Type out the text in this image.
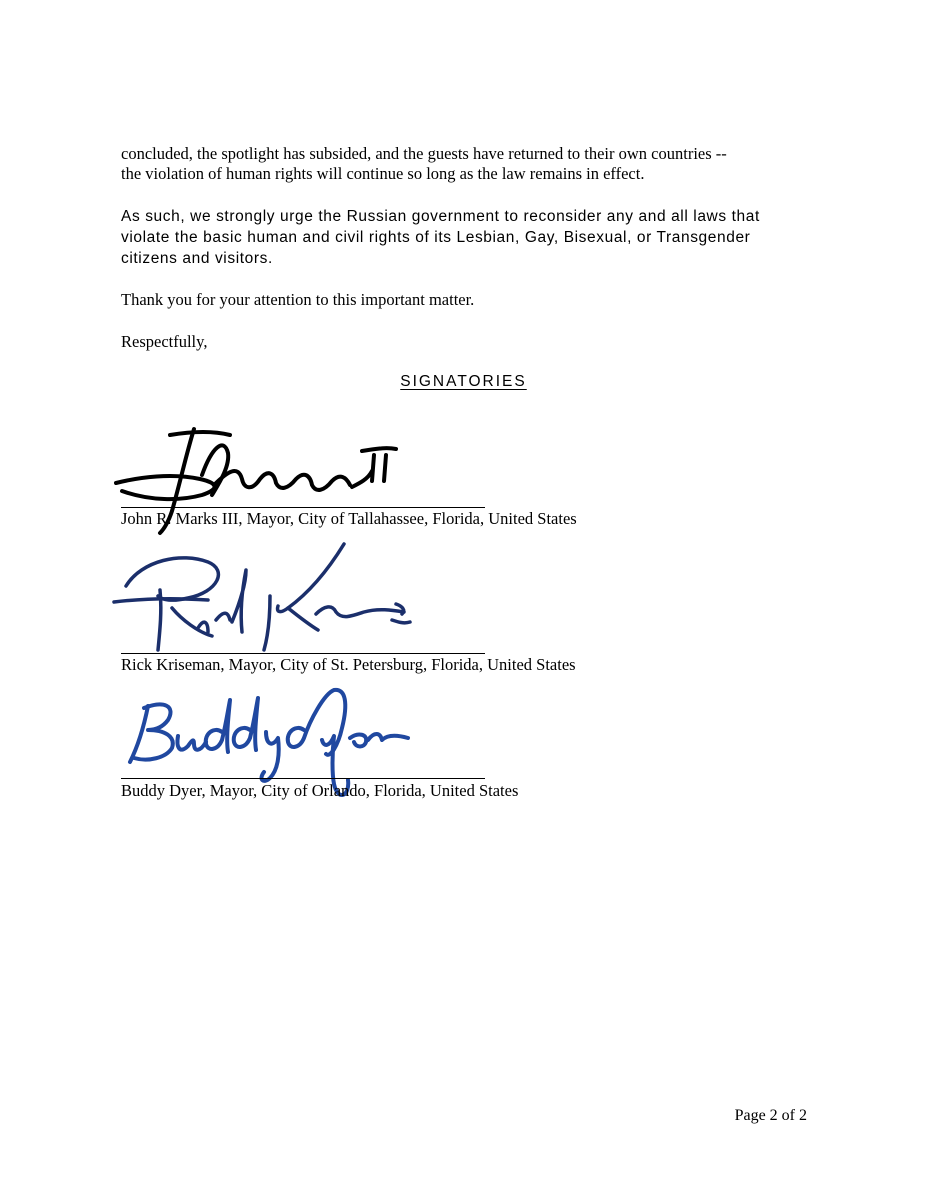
concluded, the spotlight has subsided, and the guests have returned to their own countries --
the violation of human rights will continue so long as the law remains in effect.
As such, we strongly urge the Russian government to reconsider any and all laws that
violate the basic human and civil rights of its Lesbian, Gay, Bisexual, or Transgender
citizens and visitors.
Thank you for your attention to this important matter.
Respectfully,
SIGNATORIES
John R. Marks III, Mayor, City of Tallahassee, Florida, United States
Rick Kriseman, Mayor, City of St. Petersburg, Florida, United States
Buddy Dyer, Mayor, City of Orlando, Florida, United States
Page 2 of 2
